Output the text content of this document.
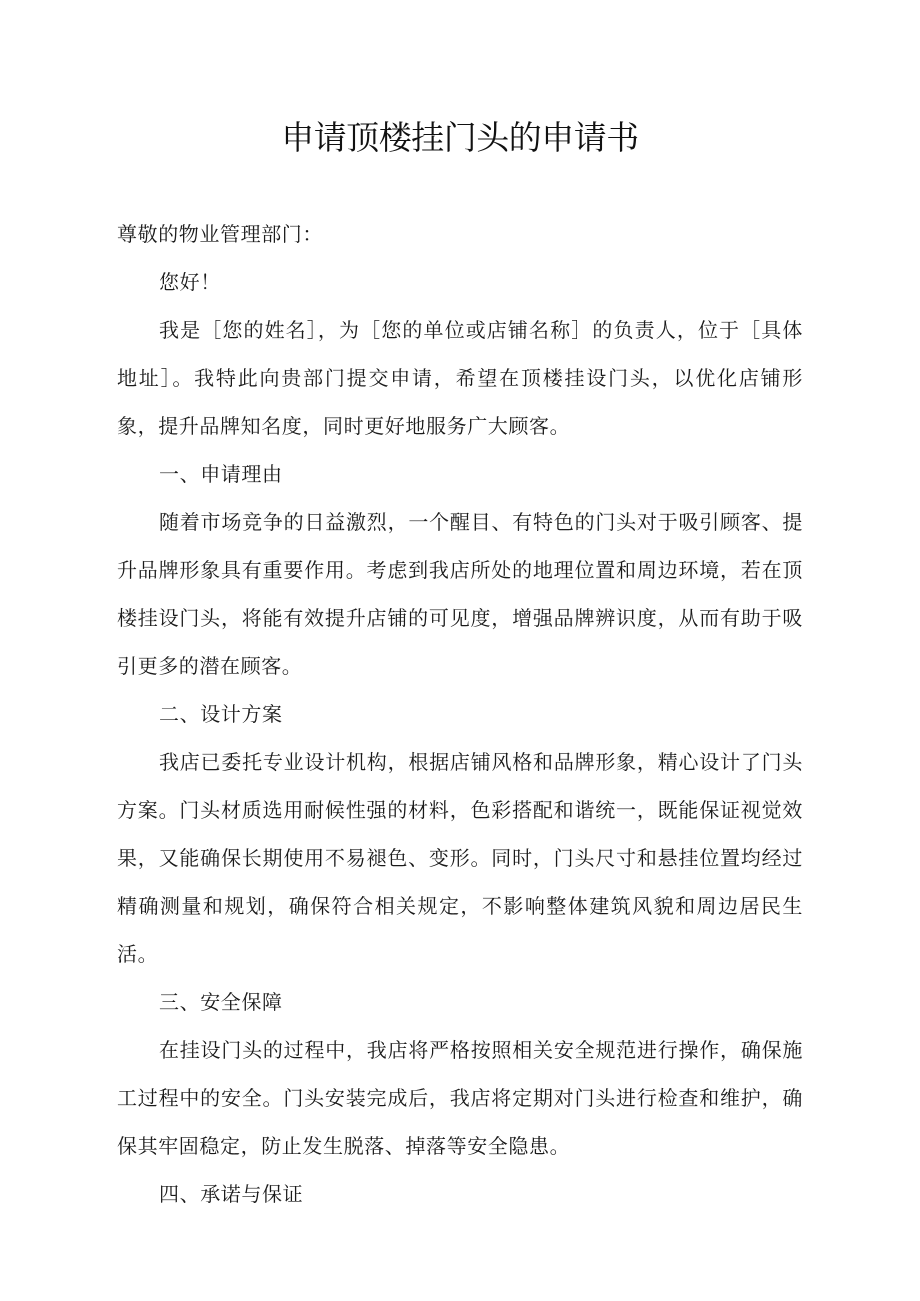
申请顶楼挂门头的申请书

尊敬的物业管理部门：

您好！

我是［您的姓名］，为［您的单位或店铺名称］的负责人，位于［具体地址］。我特此向贵部门提交申请，希望在顶楼挂设门头，以优化店铺形象，提升品牌知名度，同时更好地服务广大顾客。

一、申请理由

随着市场竞争的日益激烈，一个醒目、有特色的门头对于吸引顾客、提升品牌形象具有重要作用。考虑到我店所处的地理位置和周边环境，若在顶楼挂设门头，将能有效提升店铺的可见度，增强品牌辨识度，从而有助于吸引更多的潜在顾客。

二、设计方案

我店已委托专业设计机构，根据店铺风格和品牌形象，精心设计了门头方案。门头材质选用耐候性强的材料，色彩搭配和谐统一，既能保证视觉效果，又能确保长期使用不易褪色、变形。同时，门头尺寸和悬挂位置均经过精确测量和规划，确保符合相关规定，不影响整体建筑风貌和周边居民生活。

三、安全保障

在挂设门头的过程中，我店将严格按照相关安全规范进行操作，确保施工过程中的安全。门头安装完成后，我店将定期对门头进行检查和维护，确保其牢固稳定，防止发生脱落、掉落等安全隐患。

四、承诺与保证
